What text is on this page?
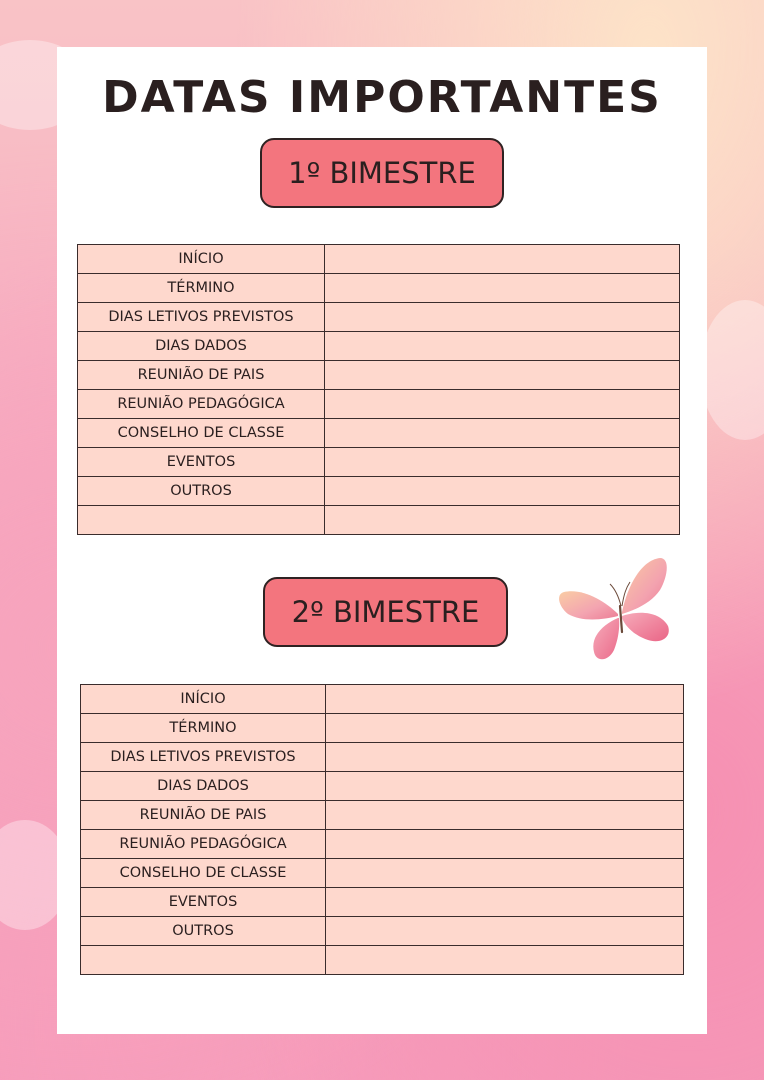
DATAS IMPORTANTES
1º BIMESTRE
INÍCIO	
TÉRMINO	
DIAS LETIVOS PREVISTOS	
DIAS DADOS	
REUNIÃO DE PAIS	
REUNIÃO PEDAGÓGICA	
CONSELHO DE CLASSE	
EVENTOS	
OUTROS	

2º BIMESTRE
INÍCIO	
TÉRMINO	
DIAS LETIVOS PREVISTOS	
DIAS DADOS	
REUNIÃO DE PAIS	
REUNIÃO PEDAGÓGICA	
CONSELHO DE CLASSE	
EVENTOS	
OUTROS	
